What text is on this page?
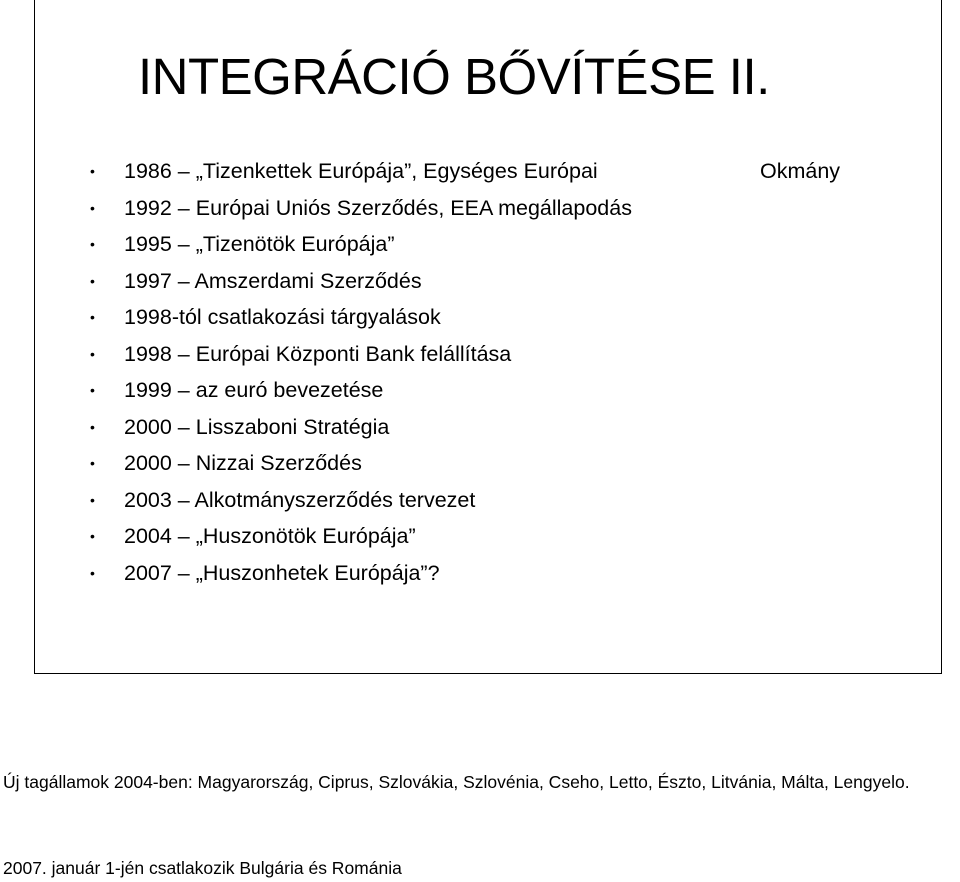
INTEGRÁCIÓ BŐVÍTÉSE II.
• 1986 – „Tizenkettek Európája”, Egységes Európai	Okmány
• 1992 – Európai Uniós Szerződés, EEA megállapodás
• 1995 – „Tizenötök Európája”
• 1997 – Amszerdami Szerződés
• 1998-tól csatlakozási tárgyalások
• 1998 – Európai Központi Bank felállítása
• 1999 – az euró bevezetése
• 2000 – Lisszaboni Stratégia
• 2000 – Nizzai Szerződés
• 2003 – Alkotmányszerződés tervezet
• 2004 – „Huszonötök Európája”
• 2007 – „Huszonhetek Európája”?

Új tagállamok 2004-ben: Magyarország, Ciprus, Szlovákia, Szlovénia, Cseho, Letto, Észto, Litvánia, Málta, Lengyelo.

2007. január 1-jén csatlakozik Bulgária és Románia
